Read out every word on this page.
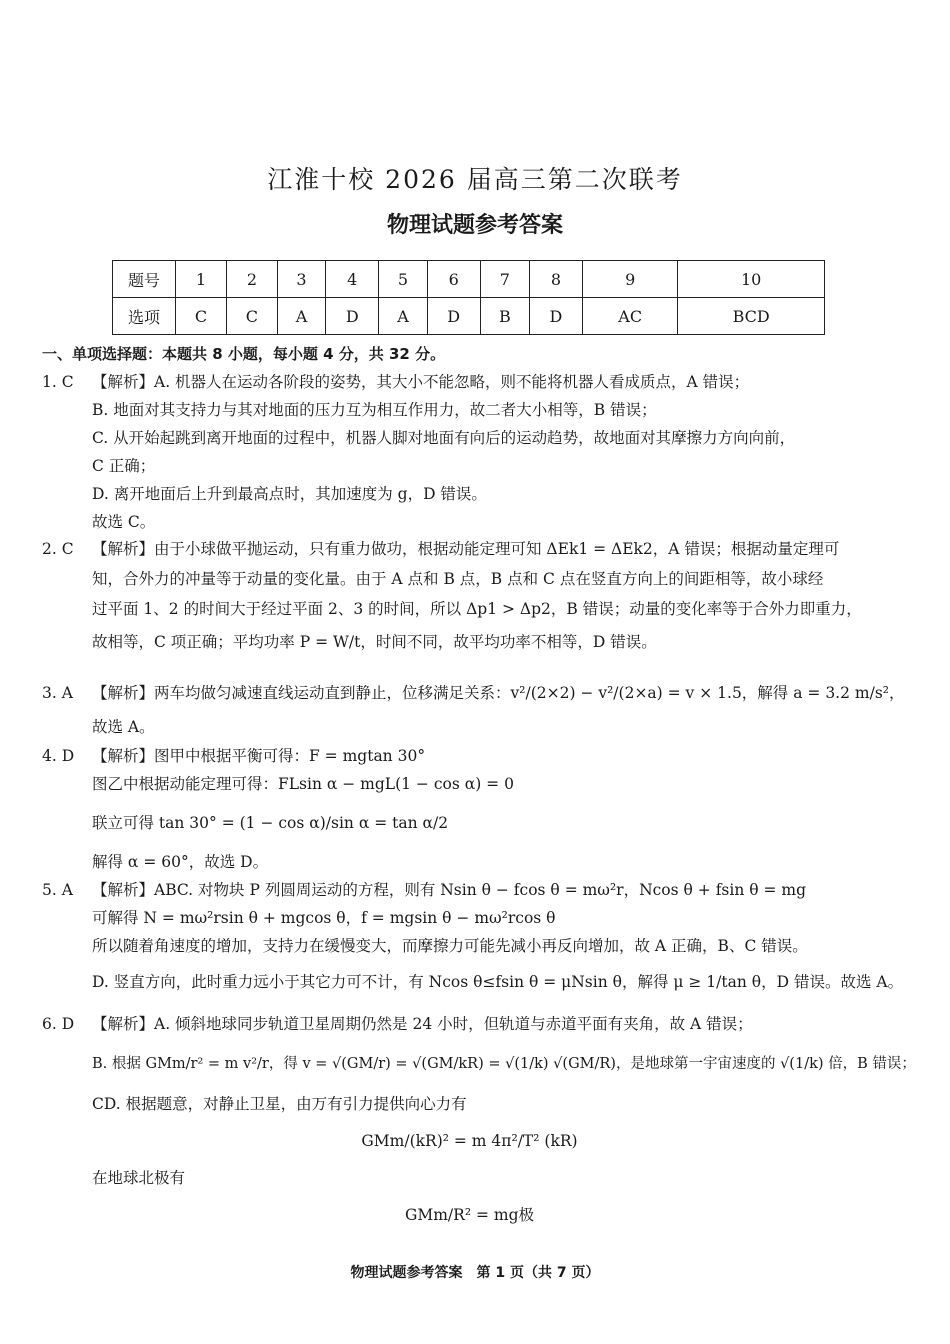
江淮十校 2026 届高三第二次联考
物理试题参考答案
题号	1	2	3	4	5	6	7	8	9	10
选项	C	C	A	D	A	D	B	D	AC	BCD
一、单项选择题：本题共 8 小题，每小题 4 分，共 32 分。
1. C 【解析】A. 机器人在运动各阶段的姿势，其大小不能忽略，则不能将机器人看成质点，A 错误；
B. 地面对其支持力与其对地面的压力互为相互作用力，故二者大小相等，B 错误；
C. 从开始起跳到离开地面的过程中，机器人脚对地面有向后的运动趋势，故地面对其摩擦力方向向前，
C 正确；
D. 离开地面后上升到最高点时，其加速度为 g，D 错误。
故选 C。
2. C 【解析】由于小球做平抛运动，只有重力做功，根据动能定理可知 ΔEk1 = ΔEk2，A 错误；根据动量定理可
知，合外力的冲量等于动量的变化量。由于 A 点和 B 点，B 点和 C 点在竖直方向上的间距相等，故小球经
过平面 1、2 的时间大于经过平面 2、3 的时间，所以 Δp1 > Δp2，B 错误；动量的变化率等于合外力即重力，
故相等，C 项正确；平均功率 P = W/t，时间不同，故平均功率不相等，D 错误。
3. A 【解析】两车均做匀减速直线运动直到静止，位移满足关系：v²/(2×2) − v²/(2×a) = v × 1.5，解得 a = 3.2 m/s²，
故选 A。
4. D 【解析】图甲中根据平衡可得：F = mgtan 30°
图乙中根据动能定理可得：FLsin α − mgL(1 − cos α) = 0
联立可得 tan 30° = (1 − cos α)/sin α = tan α/2
解得 α = 60°，故选 D。
5. A 【解析】ABC. 对物块 P 列圆周运动的方程，则有 Nsin θ − fcos θ = mω²r，Ncos θ + fsin θ = mg
可解得 N = mω²rsin θ + mgcos θ，f = mgsin θ − mω²rcos θ
所以随着角速度的增加，支持力在缓慢变大，而摩擦力可能先减小再反向增加，故 A 正确，B、C 错误。
D. 竖直方向，此时重力远小于其它力可不计，有 Ncos θ≤fsin θ = μNsin θ，解得 μ ≥ 1/tan θ，D 错误。故选 A。
6. D 【解析】A. 倾斜地球同步轨道卫星周期仍然是 24 小时，但轨道与赤道平面有夹角，故 A 错误；
B. 根据 GMm/r² = m v²/r，得 v = √(GM/r) = √(GM/kR) = √(1/k) √(GM/R)，是地球第一宇宙速度的 √(1/k) 倍，B 错误；
CD. 根据题意，对静止卫星，由万有引力提供向心力有
GMm/(kR)² = m 4π²/T² (kR)
在地球北极有
GMm/R² = mg极
物理试题参考答案　第 1 页（共 7 页）
